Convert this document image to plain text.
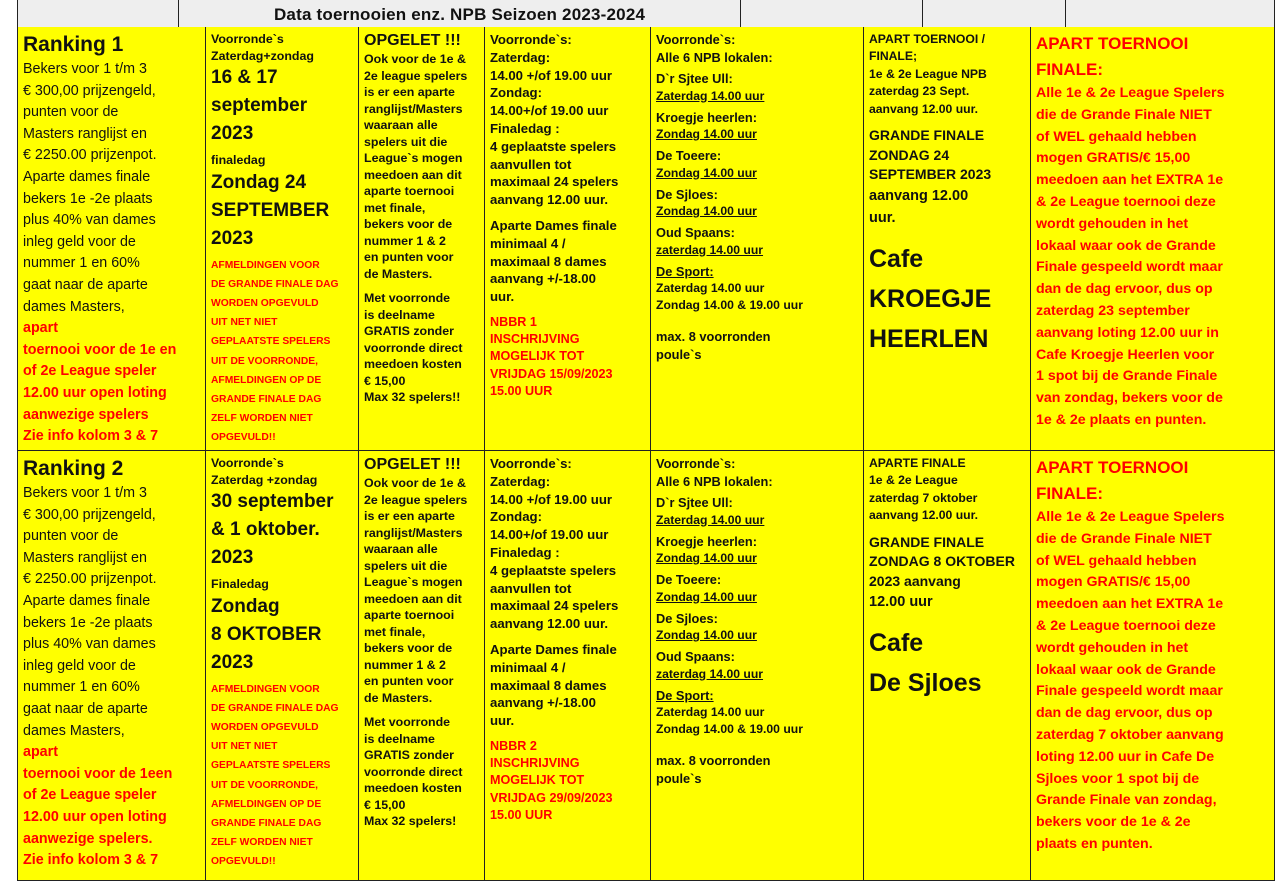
Data toernooien enz. NPB Seizoen 2023-2024
Ranking 1
Bekers voor 1 t/m 3
€ 300,00 prijzengeld,
punten voor de
Masters ranglijst en
€ 2250.00 prijzenpot.
Aparte dames finale
bekers 1e -2e plaats
plus 40% van dames
inleg geld voor de
nummer 1 en 60%
gaat naar de aparte
dames Masters,
apart
toernooi voor de 1e en
of 2e League speler
12.00 uur open loting
aanwezige spelers
Zie info kolom 3 & 7
Voorronde`s
Zaterdag+zondag
16 & 17
september
2023
finaledag
Zondag 24
SEPTEMBER
2023
AFMELDINGEN VOOR
DE GRANDE FINALE DAG
WORDEN OPGEVULD
UIT NET NIET
GEPLAATSTE SPELERS
UIT DE VOORRONDE,
AFMELDINGEN OP DE
GRANDE FINALE DAG
ZELF WORDEN NIET
OPGEVULD!!
OPGELET !!!
Ook voor de 1e &
2e league spelers
is er een aparte
ranglijst/Masters
waaraan alle
spelers uit die
League`s mogen
meedoen aan dit
aparte toernooi
met finale,
bekers voor de
nummer 1 & 2
en punten voor
de Masters.
Met voorronde
is deelname
GRATIS zonder
voorronde direct
meedoen kosten
€ 15,00
Max 32 spelers!!
Voorronde`s:
Zaterdag:
14.00 +/of 19.00 uur
Zondag:
14.00+/of 19.00 uur
Finaledag :
4 geplaatste spelers
aanvullen tot
maximaal 24 spelers
aanvang 12.00 uur.
Aparte Dames finale
minimaal 4 /
maximaal 8 dames
aanvang +/-18.00
uur.
NBBR 1
INSCHRIJVING
MOGELIJK TOT
VRIJDAG 15/09/2023
15.00 UUR
Voorronde`s:
Alle 6 NPB lokalen:
D`r Sjtee Ull:
Zaterdag 14.00 uur
Kroegje heerlen:
Zondag 14.00 uur
De Toeere:
Zondag 14.00 uur
De Sjloes:
Zondag 14.00 uur
Oud Spaans:
zaterdag 14.00 uur
De Sport:
Zaterdag 14.00 uur
Zondag 14.00 & 19.00 uur
max. 8 voorronden
poule`s
APART TOERNOOI /
FINALE;
1e & 2e League NPB
zaterdag 23 Sept.
aanvang 12.00 uur.
GRANDE FINALE
ZONDAG 24
SEPTEMBER 2023
aanvang 12.00
uur.
Cafe
KROEGJE
HEERLEN
APART TOERNOOI
FINALE:
Alle 1e & 2e League Spelers
die de Grande Finale NIET
of WEL gehaald hebben
mogen GRATIS/€ 15,00
meedoen aan het EXTRA 1e
& 2e League toernooi deze
wordt gehouden in het
lokaal waar ook de Grande
Finale gespeeld wordt maar
dan de dag ervoor, dus op
zaterdag 23 september
aanvang loting 12.00 uur in
Cafe Kroegje Heerlen voor
1 spot bij de Grande Finale
van zondag, bekers voor de
1e & 2e plaats en punten.
Ranking 2
Bekers voor 1 t/m 3
€ 300,00 prijzengeld,
punten voor de
Masters ranglijst en
€ 2250.00 prijzenpot.
Aparte dames finale
bekers 1e -2e plaats
plus 40% van dames
inleg geld voor de
nummer 1 en 60%
gaat naar de aparte
dames Masters,
apart
toernooi voor de 1een
of 2e League speler
12.00 uur open loting
aanwezige spelers.
Zie info kolom 3 & 7
Voorronde`s
Zaterdag +zondag
30 september
& 1 oktober.
2023
Finaledag
Zondag
8 OKTOBER
2023
AFMELDINGEN VOOR
DE GRANDE FINALE DAG
WORDEN OPGEVULD
UIT NET NIET
GEPLAATSTE SPELERS
UIT DE VOORRONDE,
AFMELDINGEN OP DE
GRANDE FINALE DAG
ZELF WORDEN NIET
OPGEVULD!!
OPGELET !!!
Ook voor de 1e &
2e league spelers
is er een aparte
ranglijst/Masters
waaraan alle
spelers uit die
League`s mogen
meedoen aan dit
aparte toernooi
met finale,
bekers voor de
nummer 1 & 2
en punten voor
de Masters.
Met voorronde
is deelname
GRATIS zonder
voorronde direct
meedoen kosten
€ 15,00
Max 32 spelers!
Voorronde`s:
Zaterdag:
14.00 +/of 19.00 uur
Zondag:
14.00+/of 19.00 uur
Finaledag :
4 geplaatste spelers
aanvullen tot
maximaal 24 spelers
aanvang 12.00 uur.
Aparte Dames finale
minimaal 4 /
maximaal 8 dames
aanvang +/-18.00
uur.
NBBR 2
INSCHRIJVING
MOGELIJK TOT
VRIJDAG 29/09/2023
15.00 UUR
Voorronde`s:
Alle 6 NPB lokalen:
D`r Sjtee Ull:
Zaterdag 14.00 uur
Kroegje heerlen:
Zondag 14.00 uur
De Toeere:
Zondag 14.00 uur
De Sjloes:
Zondag 14.00 uur
Oud Spaans:
zaterdag 14.00 uur
De Sport:
Zaterdag 14.00 uur
Zondag 14.00 & 19.00 uur
max. 8 voorronden
poule`s
APARTE FINALE
1e & 2e League
zaterdag 7 oktober
aanvang 12.00 uur.
GRANDE FINALE
ZONDAG 8 OKTOBER
2023 aanvang
12.00 uur
Cafe
De Sjloes
APART TOERNOOI
FINALE:
Alle 1e & 2e League Spelers
die de Grande Finale NIET
of WEL gehaald hebben
mogen GRATIS/€ 15,00
meedoen aan het EXTRA 1e
& 2e League toernooi deze
wordt gehouden in het
lokaal waar ook de Grande
Finale gespeeld wordt maar
dan de dag ervoor, dus op
zaterdag 7 oktober aanvang
loting 12.00 uur in Cafe De
Sjloes voor 1 spot bij de
Grande Finale van zondag,
bekers voor de 1e & 2e
plaats en punten.
